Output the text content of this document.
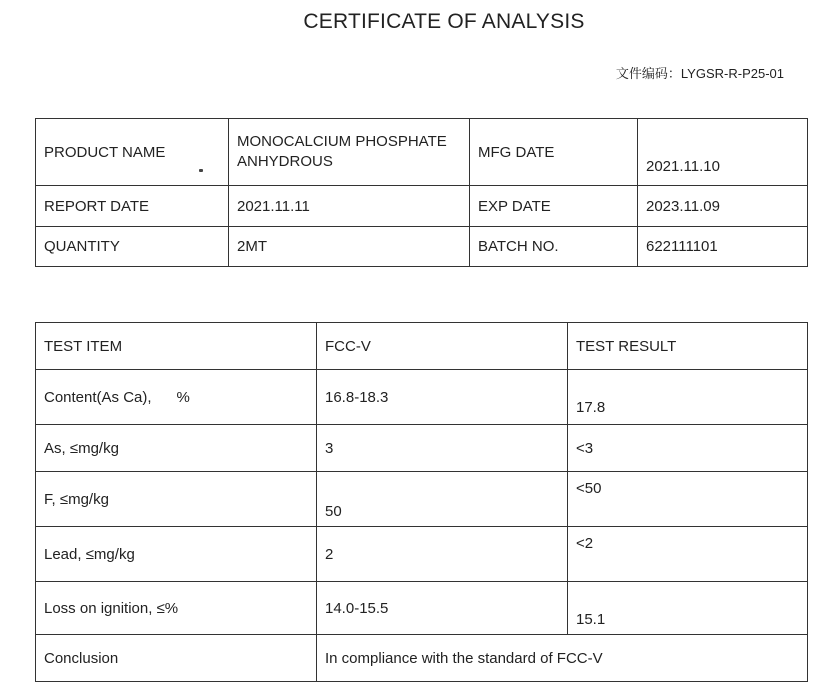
CERTIFICATE OF ANALYSIS
文件编码：LYGSR-R-P25-01
PRODUCT NAME	MONOCALCIUM PHOSPHATE ANHYDROUS	MFG DATE	2021.11.10
REPORT DATE	2021.11.11	EXP DATE	2023.11.09
QUANTITY	2MT	BATCH NO.	622111101
TEST ITEM	FCC-V	TEST RESULT
Content(As Ca),      %	16.8-18.3	17.8
As, ≤mg/kg	3	<3
F, ≤mg/kg	50	<50
Lead, ≤mg/kg	2	<2
Loss on ignition, ≤%	14.0-15.5	15.1
Conclusion	In compliance with the standard of FCC-V	
